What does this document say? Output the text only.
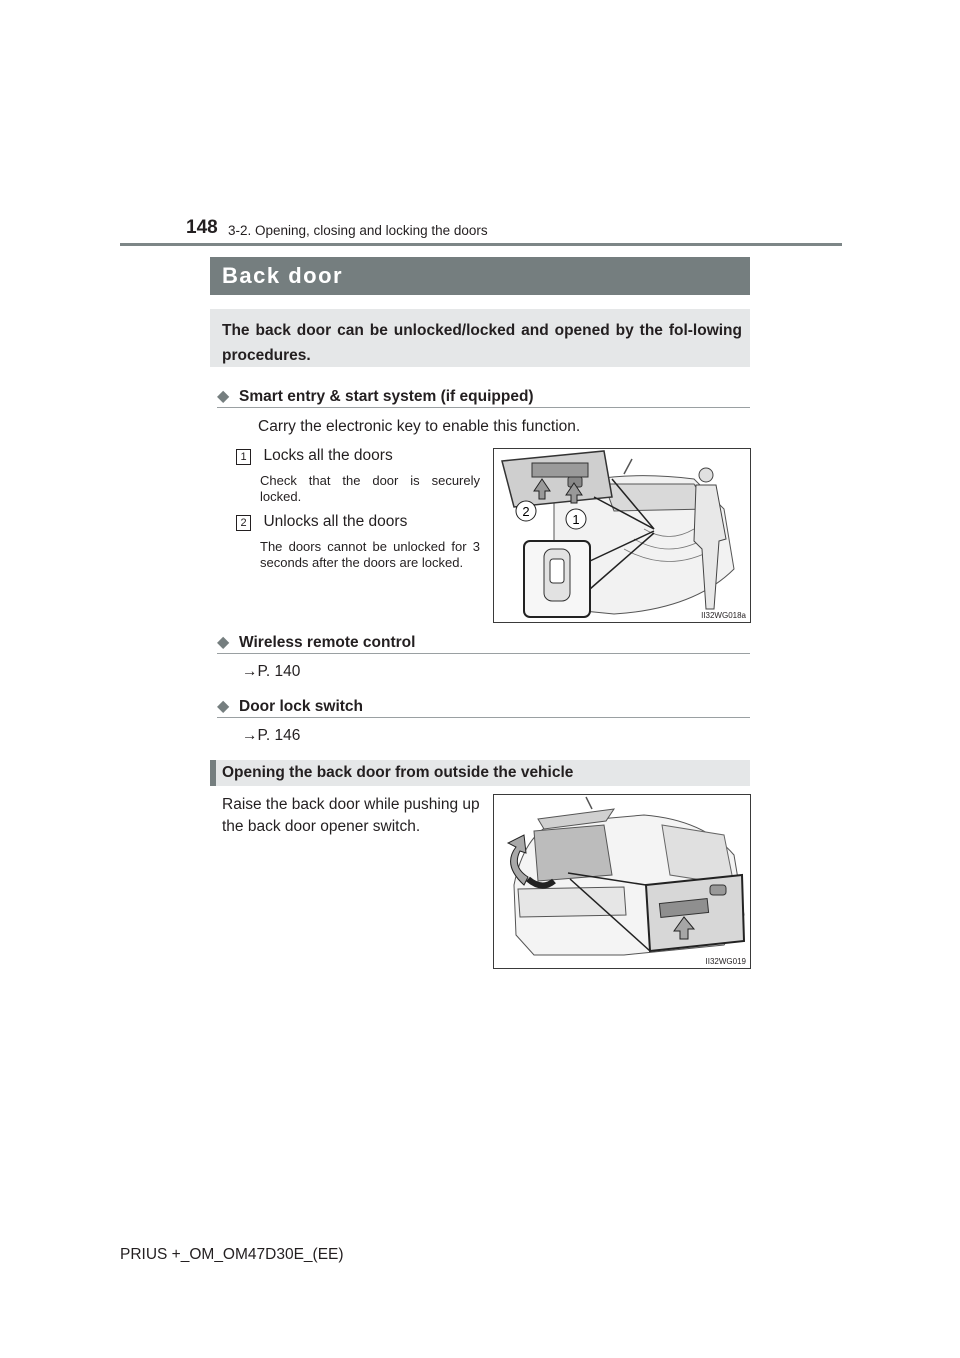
148 3-2. Opening, closing and locking the doors
Back door
The back door can be unlocked/locked and opened by the fol-lowing procedures.
◆ Smart entry & start system (if equipped)
Carry the electronic key to enable this function.
1 Locks all the doors
Check that the door is securely locked.
2 Unlocks all the doors
The doors cannot be unlocked for 3 seconds after the doors are locked.
2
1
II32WG018a
◆ Wireless remote control
→P. 140
◆ Door lock switch
→P. 146
Opening the back door from outside the vehicle
Raise the back door while pushing up the back door opener switch.
II32WG019
PRIUS +_OM_OM47D30E_(EE)
